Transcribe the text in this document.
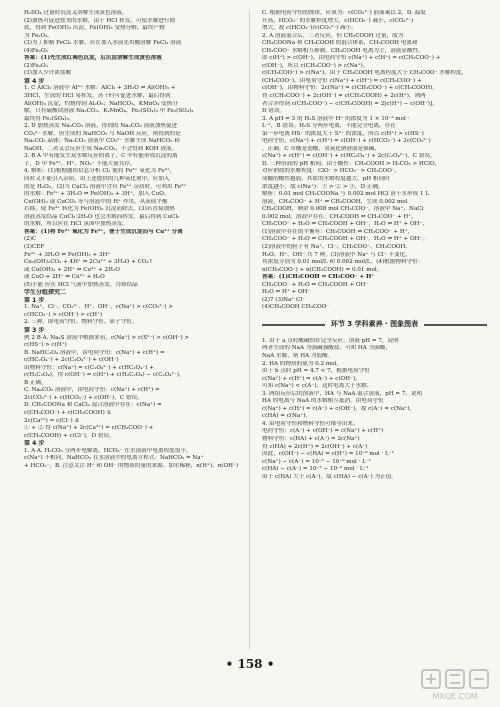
H₂SO₄ 过量时沉淀又溶解生成黄色溶液。
(2)加热可促进盐类的水解，由于 HCl 挥发，可使水解进行彻
底，得到 Fe(OH)₃ 沉淀，Fe(OH)₃ 受热分解，最终产物
为 Fe₂O₃。
(3)为了抑制 FeCl₃ 水解，应在加入水前先用酸溶解 FeCl₃ 溶液
(4)Fe₂O₃
答案：(1)先生成红褐色沉淀，后沉淀溶解生成黄色溶液
(2)Fe₂O₃
(3)加入少许浓盐酸
第 4 步
1. C AlCl₃ 溶液中 Al³⁺ 水解：AlCl₃ + 3H₂O ⇌ Al(OH)₃ +
3HCl，生成的 HCl 易挥发，蒸干时可促进水解，最后得到
Al(OH)₃ 沉淀，灼烧得到 Al₂O₃；NaHCO₃、KMnO₄ 受热分
解，只有硫酸镁溶液 Na₂CO₃、K₂MnO₄、Fe₂(SO₄)₃ 中 Fe₂(SO₄)₃
最终得 Fe₂(SO₄)₃。
2. D 加热蒸发 Na₂CO₃ 溶液，得到的 Na₂CO₃ 溶液加热促进
CO₃²⁻ 水解，但生成的 NaHCO₃ 与 NaOH 反应，则得到的是
Na₂CO₃ 晶体；Na₂CO₃ 溶液中 CO₃²⁻ 水解生成 NaHCO₃ 和
NaOH，二者又会反应生成 Na₂CO₃，不会得到 KOH 溶液。
3. B A 中有能发生双水解反应的离子，C 中有能形成沉淀的离
子，D 中 Fe³⁺、H⁺、NO₃⁻ 不能大量共存。
4. 解析：(1)根据题给信息分析 Cl₂ 能将 Fe²⁺ 氧化为 Fe³⁺，
同时又不能引入杂质，由上述提供的几种氧化剂中，应加入
的是 H₂O₂。(2)当 CuCl₂ 溶液中含有 Fe³⁺ 杂质时，可利用 Fe³⁺
的水解：Fe³⁺ + 3H₂O ⇌ Fe(OH)₃ + 3H⁺，加入 CuO、
Cu(OH)₂ 或 CuCO₃ 等与溶液中的 H⁺ 作用，从而使平衡
右移，使 Fe³⁺ 转化为 Fe(OH)₃ 沉淀而除去。(3)若直接加热
溶液蒸发结晶 CuCl₂·2H₂O 也会水解而挥发，最后得到 CuCl₂
的水解，所以应在 HCl 氛围中加热蒸发。
答案：(1)将 Fe²⁺ 氧化为 Fe³⁺，便于生成沉淀而与 Cu²⁺ 分离
(2)C
(3)CEF
Fe³⁺ + 3H₂O ⇌ Fe(OH)₃ + 3H⁺
Cu₂(OH)₂CO₃ + 4H⁺ ⇌ 2Cu²⁺ + 3H₂O + CO₂↑
或 Cu(OH)₂ + 2H⁺ ⇌ Cu²⁺ + 2H₂O
或 CuO + 2H⁺ ⇌ Cu²⁺ + H₂O
(5)不能 应在 HCl 气流中加热蒸发，冷却结晶
学生分组探究二
第 1 步
1. Na⁺、Cl⁻、CO₃²⁻、H⁺、OH⁻，c(Na⁺) > c(CO₃²⁻) >
c(HCO₃⁻) > c(OH⁻) > c(H⁺)
2. 三种，即电荷守恒、物料守恒、质子守恒。
第 3 步
例 2 B A. Na₂S 溶液中根据来看，c(Na⁺) > c(S²⁻) > c(OH⁻) >
c(HS⁻) > c(H⁺)
B. NaHC₂O₄ 溶液中，由电荷守恒：c(Na⁺) + c(H⁺) =
c(HC₂O₄⁻) + 2c(C₂O₄²⁻) + c(OH⁻)
由物料守恒：c(Na⁺) = c(C₂O₄²⁻) + c(HC₂O₄⁻) +
c(H₂C₂O₄)，得 c(OH⁻) = c(H⁺) + c(H₂C₂O₄) − c(C₂O₄²⁻)，
B 正确。
C. Na₂CO₃ 溶液中，由电荷守恒：c(Na⁺) + c(H⁺) =
2c(CO₃²⁻) + c(HCO₃⁻) + c(OH⁻)，C 错误。
D. CH₃COONa 和 CaCl₂ 混合溶液中存在：c(Na⁺) =
c(CH₃COO⁻) + c(CH₃COOH) ①
2c(Ca²⁺) = c(Cl⁻) ②
① + ② 得 c(Na⁺) + 2c(Ca²⁺) = c(CH₃COO⁻) +
c(CH₃COOH) + c(Cl⁻)，D 错误。
第 4 步
1. A A. H₂CO₃ 分两步电解离，HCO₃⁻ 在水溶液中电离程度很小，
c(Na⁺) 不相同，NaHCO₃ 在水溶液中的电离方程式：NaHCO₃ = Na⁺
+ HCO₃⁻，B. 注意关注 H⁺ 和 OH⁻ 的物质的量的来源。加水稀释，n(H⁺)、n(OH⁻)
C. 根据电荷守恒的规律，应该为：c(CO₃²⁻) 前面乘以 2。D. 温度
升高，HCO₃⁻ 的水解程度增大，c(HCO₃⁻) 减小，c(CO₃²⁻)
增大，故 c(HCO₃⁻)/c(CO₃²⁻) 减小。
2. A 溶液混合后，二者反应，但 CH₃COOH 过量，故为
CH₃COONa 和 CH₃COOH 的混合体系，CH₃COOH 电离和
CH₃COO⁻ 水解相互抑制，CH₃COOH 电离为主，溶液显酸性，
即 c(H⁺) > c(OH⁻)，由电荷守恒 c(Na⁺) + c(H⁺) = c(CH₃COO⁻) +
c(OH⁻)，所以 c(CH₃COO⁻) > c(Na⁺)。
c(CH₃COO⁻) > c(Na⁺)，由于 CH₃COOH 电离程度大于 CH₃COO⁻ 水解程度，
(CH₃COO⁻)，由电荷守恒 c(Na⁺) + c(H⁺) = c(CH₃COO⁻) +
c(OH⁻)，由物料守恒：2c(Na⁺) = c(CH₃COO⁻) + c(CH₃COOH)，
得 c(CH₃COO⁻) + 2c(OH⁻) = c(CH₃COOH) + 2c(H⁺)，则两
者合并得到 c(CH₃COO⁻) − c(CH₃COOH) = 2[c(H⁺) − c(OH⁻)]，
D 错误。
3. A pH = 3 的 H₂S 溶液中 H⁺ 的浓度为 1 × 10⁻³ mol ·
L⁻¹，B 错误。H₂S 分两步电离，不能完全电离，存在
第一步电离 HS⁻ 的浓度大于 S²⁻ 的浓度，所以 c(H⁺) > c(HS⁻)
电荷守恒，c(Na⁺) + c(H⁺) = c(OH⁻) + c(HCO₃⁻) + 2c(CO₃²⁻)
，正确。C 草酸是弱酸，氢氧化钠溶液是强碱，
c(Na⁺) + c(H⁺) = c(OH⁻) + c(HC₂O₄⁻) + 2c(C₂O₄²⁻)，C 错误。
D. 三种溶液的 pH 相同，由于酸性：CH₃COOH > H₂CO₃ > HClO，
对应钠盐的水解程度：ClO⁻ > HCO₃⁻ > CH₃COO⁻，
成酸的酸性越弱，其盐的水解程度越大，pH 相同时
浓度越小，故 c(Na⁺)：① > ② > ③，D 正确。
解析：0.01 mol CH₃COONa 与 0.002 mol HCl 溶于水形成 1 L
溶液，CH₃COO⁻ + H⁺ ⇌ CH₃COOH，生成 0.002 mol
CH₃COOH，剩余 0.008 mol CH₃COO⁻，溶液中 Na⁺、NaCl
0.002 mol，溶液中存在：CH₃COOH ⇌ CH₃COO⁻ + H⁺，
CH₃COO⁻ + H₂O ⇌ CH₃COOH + OH⁻，H₂O ⇌ H⁺ + OH⁻，
(1)溶液中存在的平衡有：CH₃COOH ⇌ CH₃COO⁻ + H⁺，
CH₃COO⁻ + H₂O ⇌ CH₃COOH + OH⁻，H₂O ⇌ H⁺ + OH⁻。
(2)溶液中的粒子有 Na⁺、Cl⁻、CH₃COO⁻、CH₃COOH、
H₂O、H⁺、OH⁻ 共 7 种。(3)溶液中 Na⁺ 与 Cl⁻ 不变化，
其浓度分别为 0.01 mol/L 和 0.002 mol/L。(4)根据物料守恒：
n(CH₃COO⁻) + n(CH₃COOH) = 0.01 mol。
答案：(1)CH₃COOH ⇌ CH₃COO⁻ + H⁺
CH₃COO⁻ + H₂O ⇌ CH₃COOH + OH⁻
H₂O ⇌ H⁺ + OH⁻
(2)7 (3)Na⁺ Cl⁻
(4)CH₃COOH CH₃COO⁻
环节 3 学科素养 · 图象图表
1. 由于 a 点时酸碱恰好完全反应，溶液 pH = 7，说明
两者生成的 NaA 为强碱强酸盐，可知 HA 为强酸，
NaA 水解，则 HA 为弱酸。
2. HA 的物质的量为 0.2 mol，
由于 b 点时 pH = 4.7 < 7，根据电荷守恒
c(Na⁺) + c(H⁺) = c(A⁻) + c(OH⁻)，
可知 c(Na⁺) < c(A⁻)，这时电离大于水解。
3. 两组反应后的溶液中，HA 与 NaA 混合溶液，pH = 7，说明
HA 的电离与 NaA 的水解相互抵消。由电荷守恒
c(Na⁺) + c(H⁺) = c(A⁻) + c(OH⁻)，故 c(A⁻) = c(Na⁺)，
c(HA) = c(Na⁺)。
4. 由电荷守恒和物料守恒可推导出来。
电荷守恒：c(A⁻) + c(OH⁻) = c(Na⁺) + c(H⁺)
物料守恒：c(HA) + c(A⁻) = 2c(Na⁺)
得 c(HA) + 2c(H⁺) = 2c(OH⁻) + c(A⁻)
因此，c(OH⁻) − c(HA) = c(H⁺) = 10⁻⁹ mol · L⁻¹
c(Na⁺) − c(A⁻) = 10⁻⁵ − 10⁻⁹ mol · L⁻¹
c(HA) − c(A⁻) = 10⁻⁵ − 10⁻⁹ mol · L⁻¹
由于 c(HA) 大于 c(A⁻)，故 c(HA) − c(A⁻) 为正值。
• 158 •
MXQE.COM
